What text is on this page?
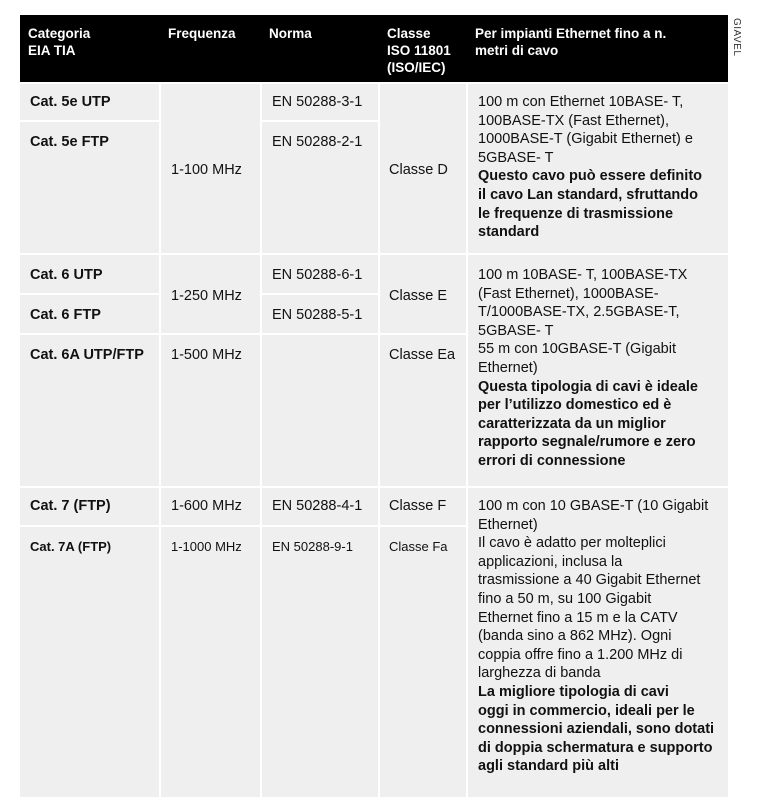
Categoria
EIA TIA
Frequenza	Norma	Classe
ISO 11801
(ISO/IEC)
Per impianti Ethernet fino a n.
metri di cavo
Cat. 5e UTP
Cat. 5e FTP
1-100 MHz
EN 50288-3-1
EN 50288-2-1
Classe D
100 m con Ethernet 10BASE- T,
100BASE-TX (Fast Ethernet),
1000BASE-T (Gigabit Ethernet) e
5GBASE- T
Questo cavo può essere definito
il cavo Lan standard, sfruttando
le frequenze di trasmissione
standard
Cat. 6 UTP
Cat. 6 FTP
Cat. 6A UTP/FTP
1-250 MHz
1-500 MHz
EN 50288-6-1
EN 50288-5-1
Classe E
Classe Ea
100 m 10BASE- T, 100BASE-TX
(Fast Ethernet), 1000BASE-
T/1000BASE-TX, 2.5GBASE-T,
5GBASE- T
55 m con 10GBASE-T (Gigabit
Ethernet)
Questa tipologia di cavi è ideale
per l’utilizzo domestico ed è
caratterizzata da un miglior
rapporto segnale/rumore e zero
errori di connessione
Cat. 7 (FTP)
Cat. 7A (FTP)
1-600 MHz
1-1000 MHz
EN 50288-4-1
EN 50288-9-1
Classe F
Classe Fa
100 m con 10 GBASE-T (10 Gigabit
Ethernet)
Il cavo è adatto per molteplici
applicazioni, inclusa la
trasmissione a 40 Gigabit Ethernet
fino a 50 m, su 100 Gigabit
Ethernet fino a 15 m e la CATV
(banda sino a 862 MHz). Ogni
coppia offre fino a 1.200 MHz di
larghezza di banda
La migliore tipologia di cavi
oggi in commercio, ideali per le
connessioni aziendali, sono dotati
di doppia schermatura e supporto
agli standard più alti
GIAVEL
